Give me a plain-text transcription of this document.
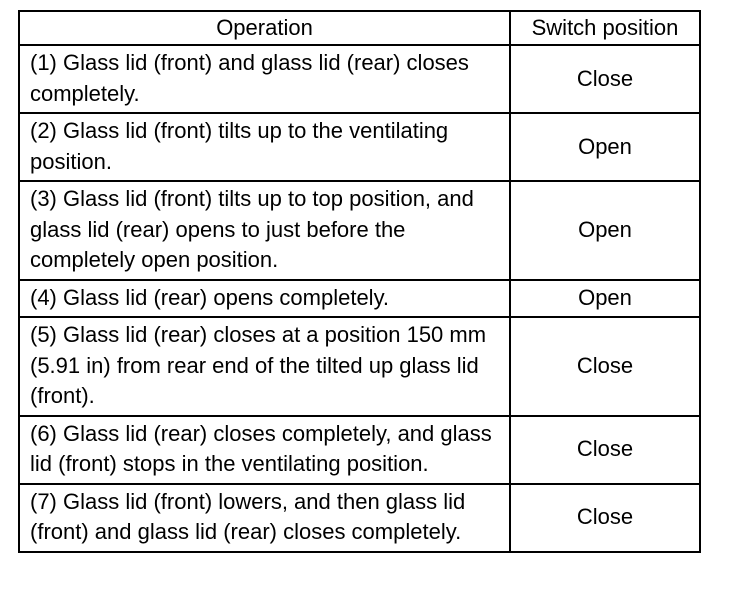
Operation	Switch position
(1) Glass lid (front) and glass lid (rear) closes completely.	Close
(2) Glass lid (front) tilts up to the ventilating position.	Open
(3) Glass lid (front) tilts up to top position, and glass lid (rear) opens to just before the completely open position.	Open
(4) Glass lid (rear) opens completely.	Open
(5) Glass lid (rear) closes at a position 150 mm (5.91 in) from rear end of the tilted up glass lid (front).	Close
(6) Glass lid (rear) closes completely, and glass lid (front) stops in the ventilating position.	Close
(7) Glass lid (front) lowers, and then glass lid (front) and glass lid (rear) closes completely.	Close
